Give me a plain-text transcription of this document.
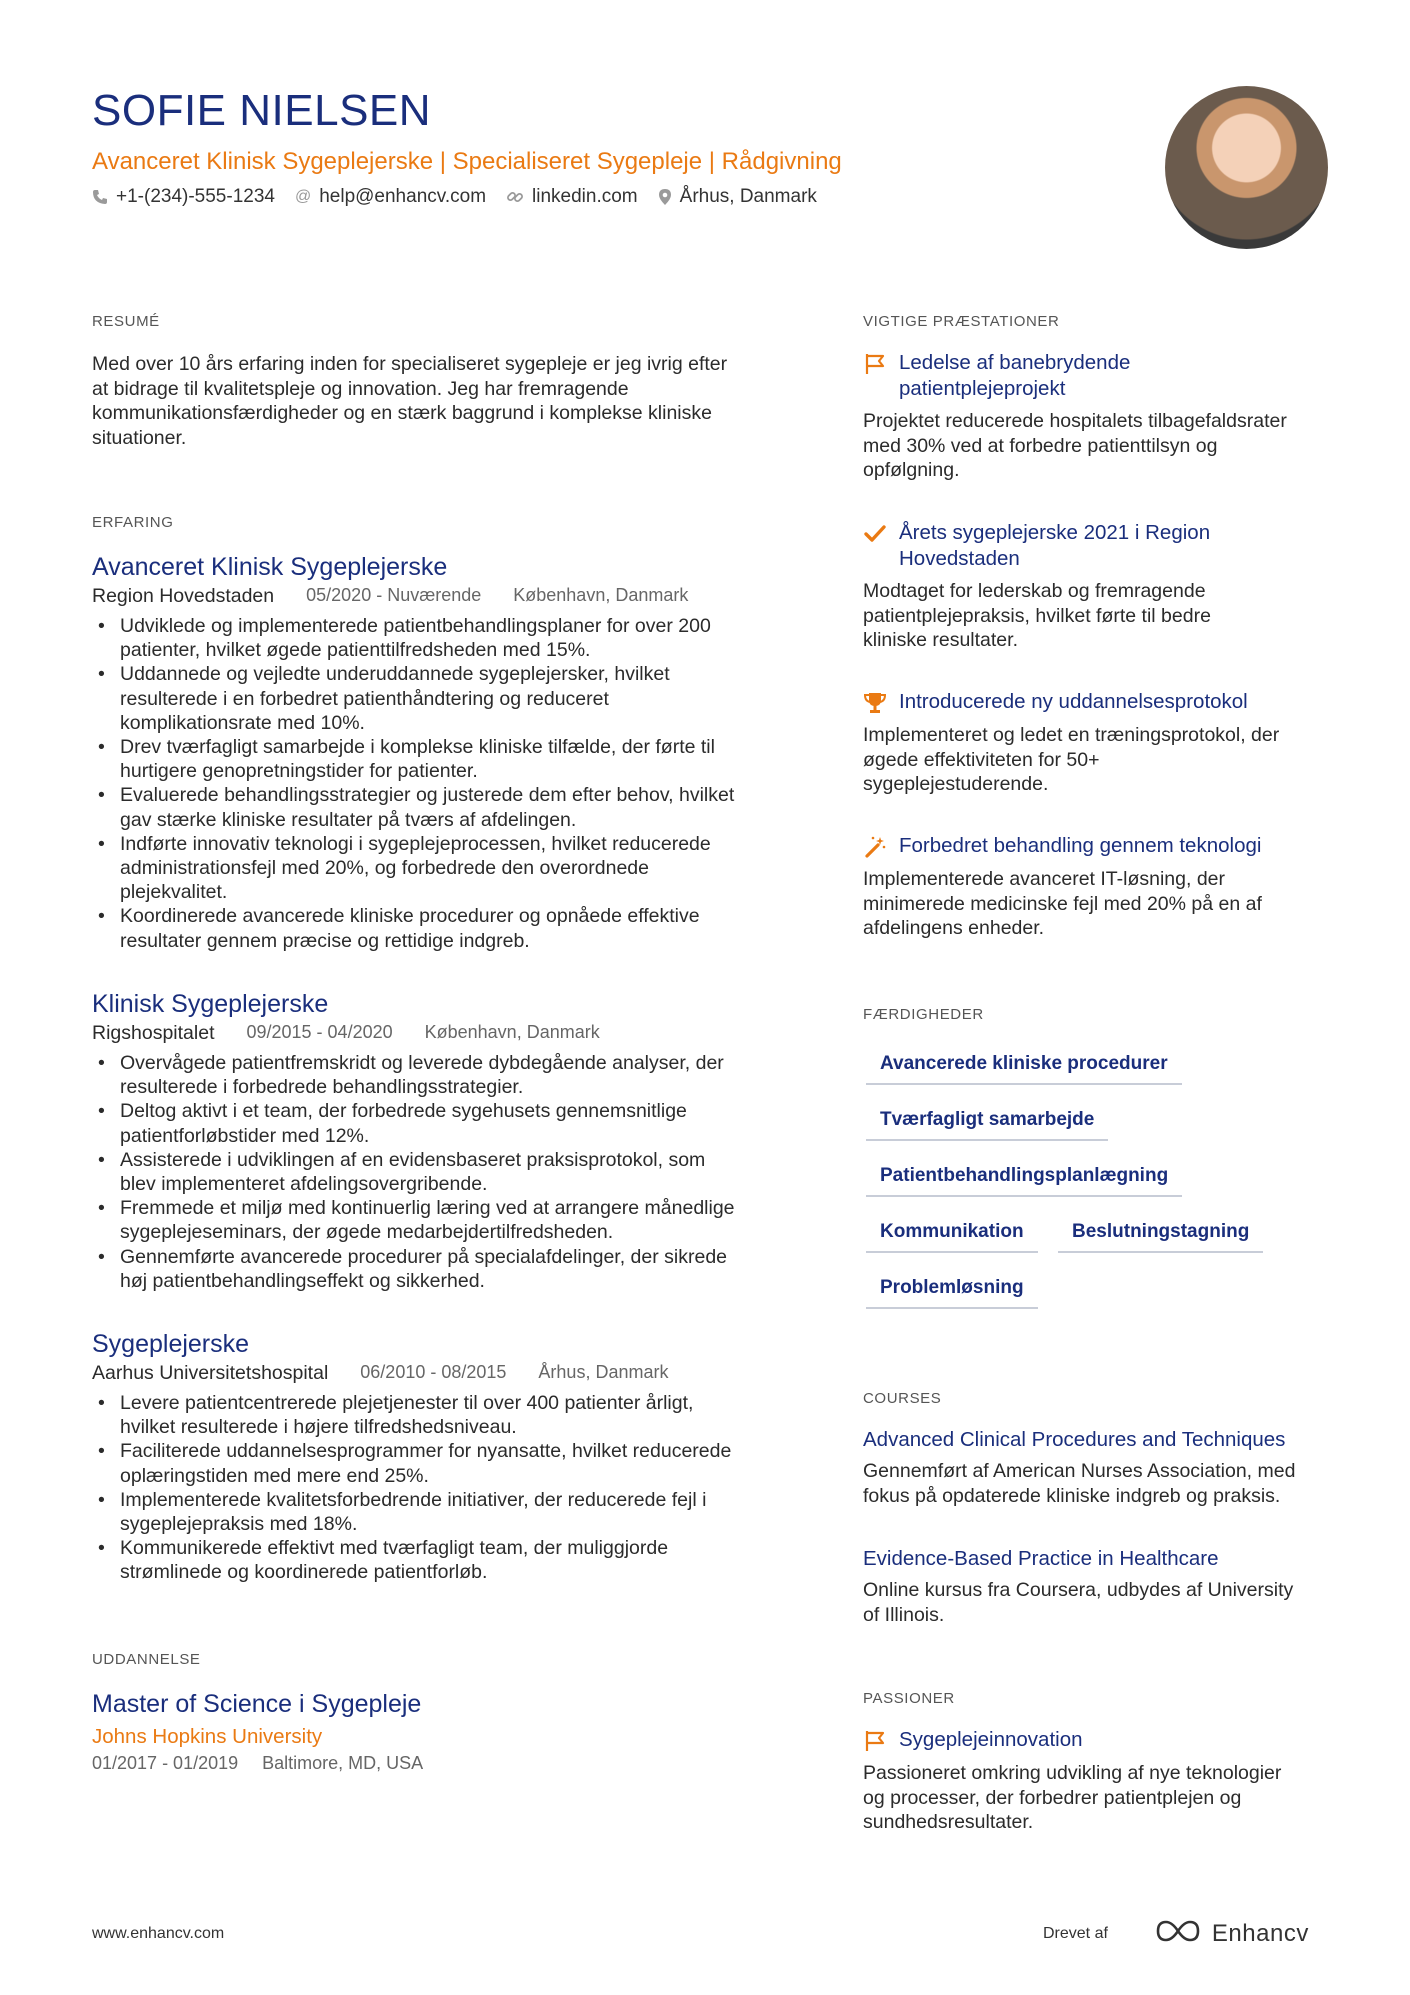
SOFIE NIELSEN
Avanceret Klinisk Sygeplejerske | Specialiseret Sygepleje | Rådgivning
+1-(234)-555-1234 @ help@enhancv.com linkedin.com Århus, Danmark
RESUMÉ
Med over 10 års erfaring inden for specialiseret sygepleje er jeg ivrig efter
at bidrage til kvalitetspleje og innovation. Jeg har fremragende
kommunikationsfærdigheder og en stærk baggrund i komplekse kliniske
situationer.
ERFARING
Avanceret Klinisk Sygeplejerske
Region Hovedstaden 05/2020 - Nuværende København, Danmark
• Udviklede og implementerede patientbehandlingsplaner for over 200
patienter, hvilket øgede patienttilfredsheden med 15%.
• Uddannede og vejledte underuddannede sygeplejersker, hvilket
resulterede i en forbedret patienthåndtering og reduceret
komplikationsrate med 10%.
• Drev tværfagligt samarbejde i komplekse kliniske tilfælde, der førte til
hurtigere genopretningstider for patienter.
• Evaluerede behandlingsstrategier og justerede dem efter behov, hvilket
gav stærke kliniske resultater på tværs af afdelingen.
• Indførte innovativ teknologi i sygeplejeprocessen, hvilket reducerede
administrationsfejl med 20%, og forbedrede den overordnede
plejekvalitet.
• Koordinerede avancerede kliniske procedurer og opnåede effektive
resultater gennem præcise og rettidige indgreb.
Klinisk Sygeplejerske
Rigshospitalet 09/2015 - 04/2020 København, Danmark
• Overvågede patientfremskridt og leverede dybdegående analyser, der
resulterede i forbedrede behandlingsstrategier.
• Deltog aktivt i et team, der forbedrede sygehusets gennemsnitlige
patientforløbstider med 12%.
• Assisterede i udviklingen af en evidensbaseret praksisprotokol, som
blev implementeret afdelingsovergribende.
• Fremmede et miljø med kontinuerlig læring ved at arrangere månedlige
sygeplejeseminars, der øgede medarbejdertilfredsheden.
• Gennemførte avancerede procedurer på specialafdelinger, der sikrede
høj patientbehandlingseffekt og sikkerhed.
Sygeplejerske
Aarhus Universitetshospital 06/2010 - 08/2015 Århus, Danmark
• Levere patientcentrerede plejetjenester til over 400 patienter årligt,
hvilket resulterede i højere tilfredshedsniveau.
• Faciliterede uddannelsesprogrammer for nyansatte, hvilket reducerede
oplæringstiden med mere end 25%.
• Implementerede kvalitetsforbedrende initiativer, der reducerede fejl i
sygeplejepraksis med 18%.
• Kommunikerede effektivt med tværfagligt team, der muliggjorde
strømlinede og koordinerede patientforløb.
UDDANNELSE
Master of Science i Sygepleje
Johns Hopkins University
01/2017 - 01/2019 Baltimore, MD, USA
VIGTIGE PRÆSTATIONER
Ledelse af banebrydende
patientplejeprojekt
Projektet reducerede hospitalets tilbagefaldsrater
med 30% ved at forbedre patienttilsyn og
opfølgning.
Årets sygeplejerske 2021 i Region
Hovedstaden
Modtaget for lederskab og fremragende
patientplejepraksis, hvilket førte til bedre
kliniske resultater.
Introducerede ny uddannelsesprotokol
Implementeret og ledet en træningsprotokol, der
øgede effektiviteten for 50+
sygeplejestuderende.
Forbedret behandling gennem teknologi
Implementerede avanceret IT-løsning, der
minimerede medicinske fejl med 20% på en af
afdelingens enheder.
FÆRDIGHEDER
Avancerede kliniske procedurer
Tværfagligt samarbejde
Patientbehandlingsplanlægning
Kommunikation	Beslutningstagning
Problemløsning
COURSES
Advanced Clinical Procedures and Techniques
Gennemført af American Nurses Association, med
fokus på opdaterede kliniske indgreb og praksis.
Evidence-Based Practice in Healthcare
Online kursus fra Coursera, udbydes af University
of Illinois.
PASSIONER
Sygeplejeinnovation
Passioneret omkring udvikling af nye teknologier
og processer, der forbedrer patientplejen og
sundhedsresultater.
www.enhancv.com	Drevet af	Enhancv
